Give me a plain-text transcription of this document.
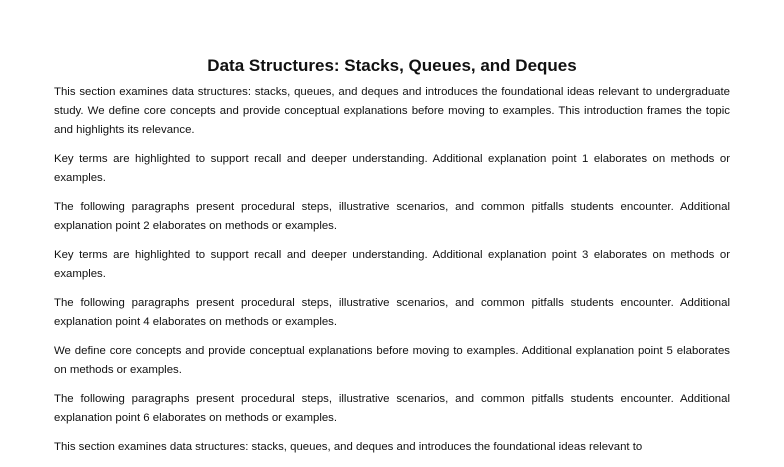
Data Structures: Stacks, Queues, and Deques

This section examines data structures: stacks, queues, and deques and introduces the foundational ideas relevant to undergraduate study. We define core concepts and provide conceptual explanations before moving to examples. This introduction frames the topic and highlights its relevance.

Key terms are highlighted to support recall and deeper understanding. Additional explanation point 1 elaborates on methods or examples.

The following paragraphs present procedural steps, illustrative scenarios, and common pitfalls students encounter. Additional explanation point 2 elaborates on methods or examples.

Key terms are highlighted to support recall and deeper understanding. Additional explanation point 3 elaborates on methods or examples.

The following paragraphs present procedural steps, illustrative scenarios, and common pitfalls students encounter. Additional explanation point 4 elaborates on methods or examples.

We define core concepts and provide conceptual explanations before moving to examples. Additional explanation point 5 elaborates on methods or examples.

The following paragraphs present procedural steps, illustrative scenarios, and common pitfalls students encounter. Additional explanation point 6 elaborates on methods or examples.

This section examines data structures: stacks, queues, and deques and introduces the foundational ideas relevant to
